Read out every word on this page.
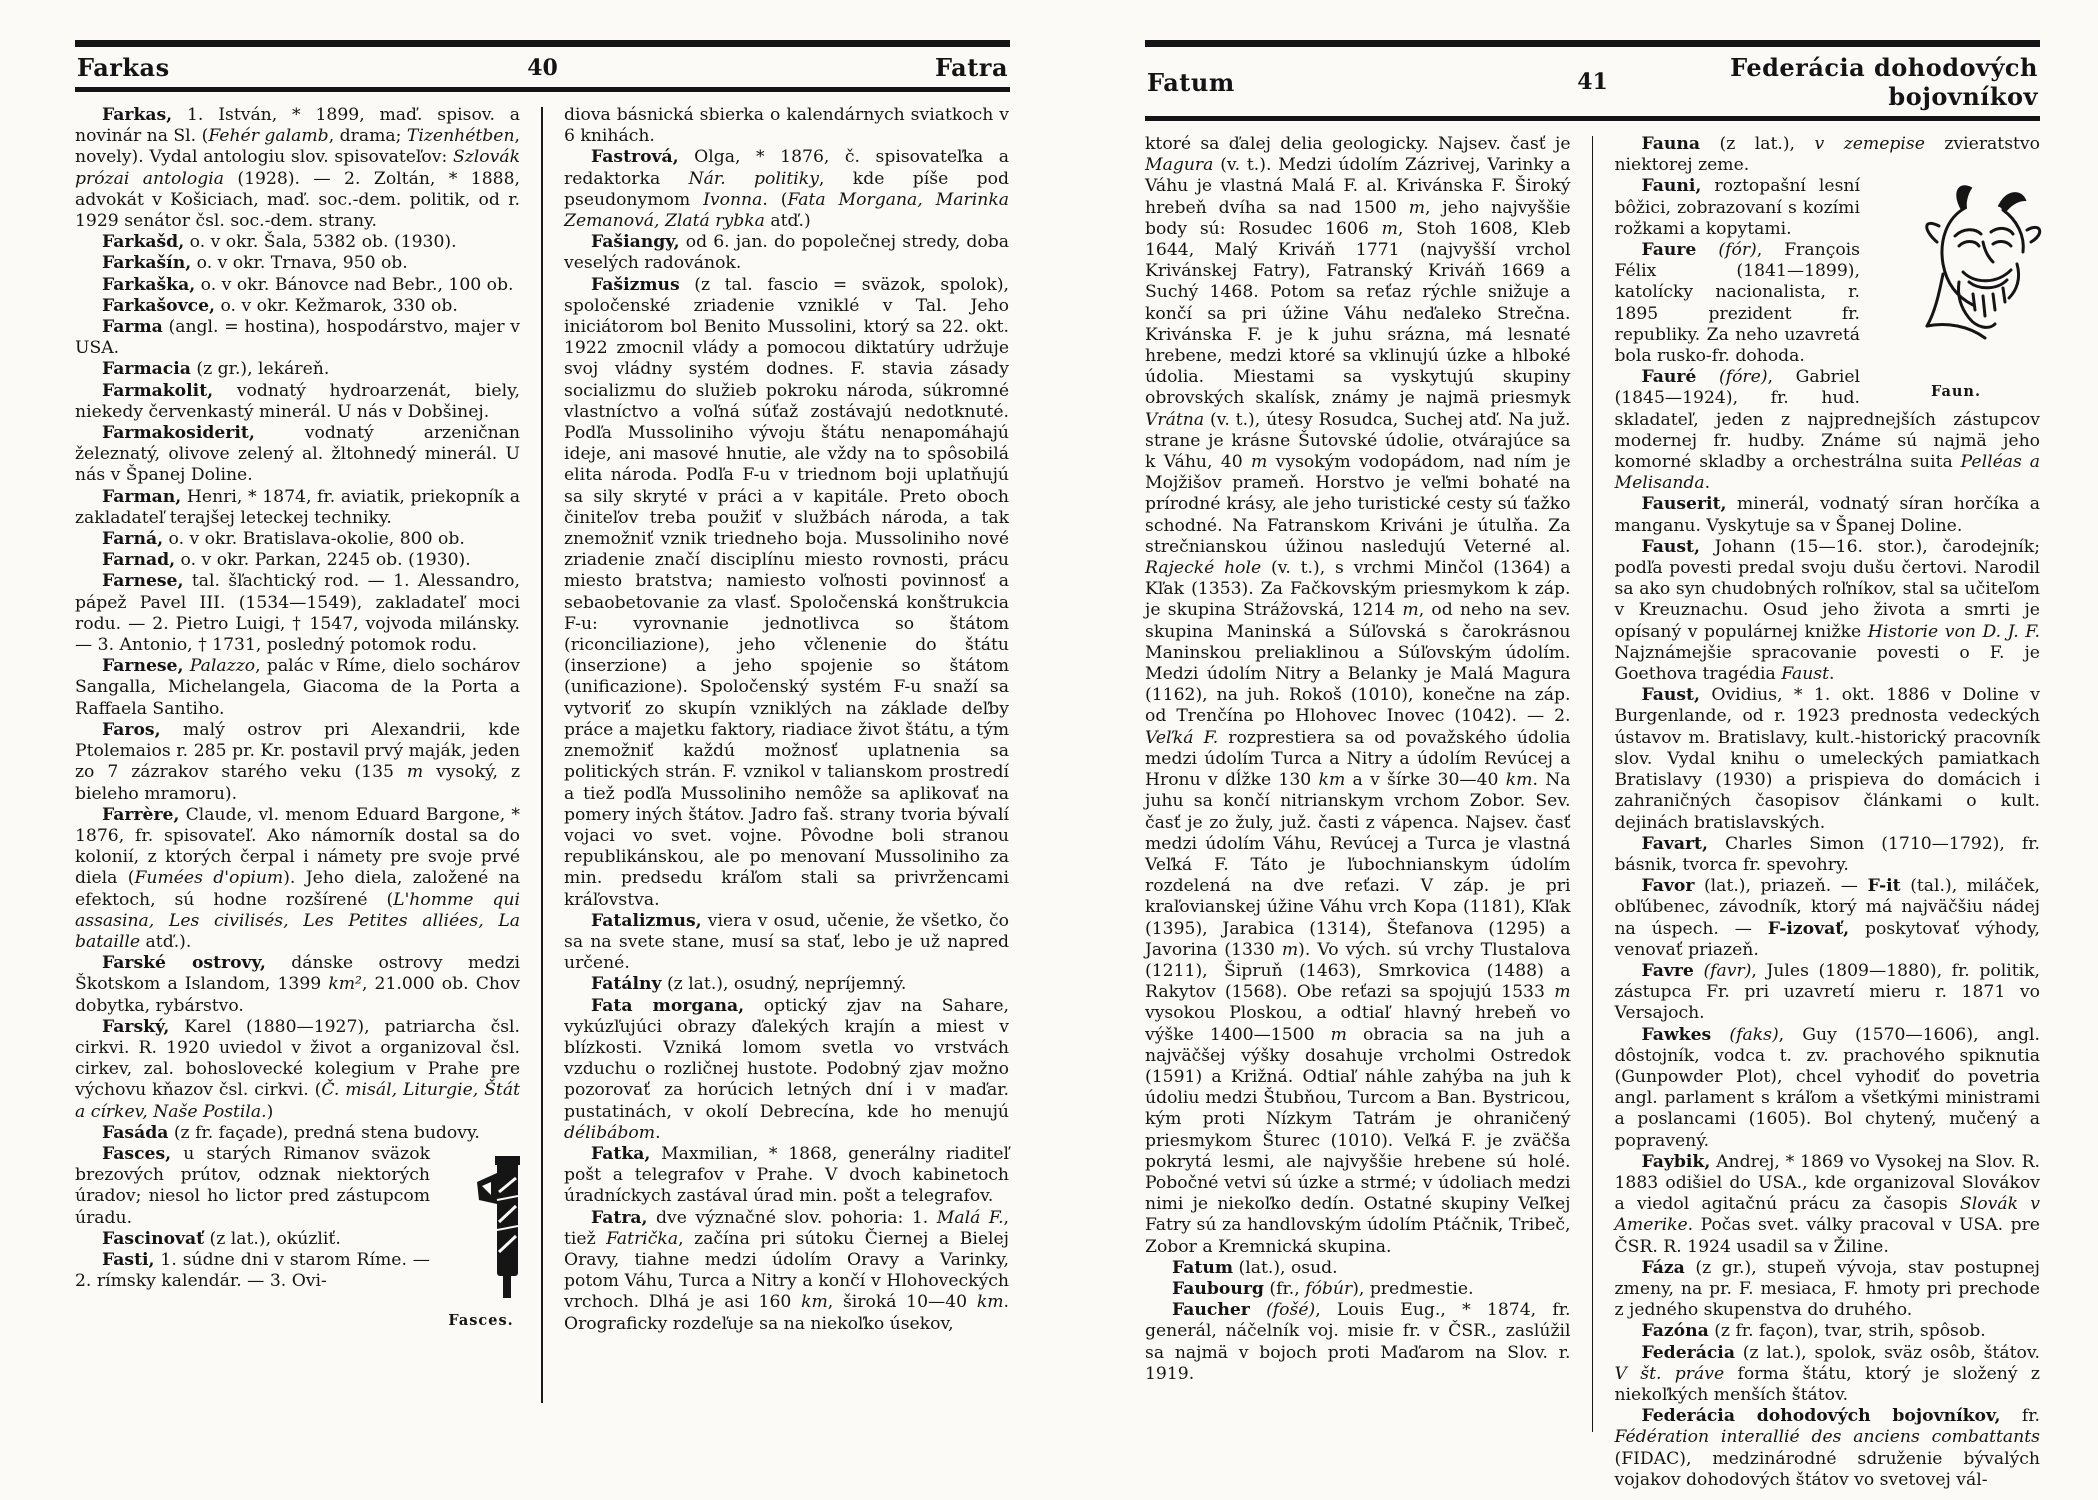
Farkas	40	Fatra

Farkas, 1. István, * 1899, maď. spisov. a novinár na Sl. (Fehér galamb, drama; Tizenhétben, novely). Vydal antologiu slov. spisovateľov: Szlovák prózai antologia (1928). — 2. Zoltán, * 1888, advokát v Košiciach, maď. soc.-dem. politik, od r. 1929 senátor čsl. soc.-dem. strany.

Farkašd, o. v okr. Šala, 5382 ob. (1930).

Farkašín, o. v okr. Trnava, 950 ob.

Farkaška, o. v okr. Bánovce nad Bebr., 100 ob.

Farkašovce, o. v okr. Kežmarok, 330 ob.

Farma (angl. = hostina), hospodárstvo, majer v USA.

Farmacia (z gr.), lekáreň.

Farmakolit, vodnatý hydroarzenát, biely, niekedy červenkastý minerál. U nás v Dobšinej.

Farmakosiderit, vodnatý arzeničnan železnatý, olivove zelený al. žltohnedý minerál. U nás v Španej Doline.

Farman, Henri, * 1874, fr. aviatik, priekopník a zakladateľ terajšej leteckej techniky.

Farná, o. v okr. Bratislava-okolie, 800 ob.

Farnad, o. v okr. Parkan, 2245 ob. (1930).

Farnese, tal. šľachtický rod. — 1. Alessandro, pápež Pavel III. (1534—1549), zakladateľ moci rodu. — 2. Pietro Luigi, † 1547, vojvoda milánsky. — 3. Antonio, † 1731, posledný potomok rodu.

Farnese, Palazzo, palác v Ríme, dielo sochárov Sangalla, Michelangela, Giacoma de la Porta a Raffaela Santiho.

Faros, malý ostrov pri Alexandrii, kde Ptolemaios r. 285 pr. Kr. postavil prvý maják, jeden zo 7 zázrakov starého veku (135 m vysoký, z bieleho mramoru).

Farrère, Claude, vl. menom Eduard Bargone, * 1876, fr. spisovateľ. Ako námorník dostal sa do kolonií, z ktorých čerpal i námety pre svoje prvé diela (Fumées d'opium). Jeho diela, založené na efektoch, sú hodne rozšírené (L'homme qui assasina, Les civilisés, Les Petites alliées, La bataille atď.).

Farské ostrovy, dánske ostrovy medzi Škotskom a Islandom, 1399 km², 21.000 ob. Chov dobytka, rybárstvo.

Farský, Karel (1880—1927), patriarcha čsl. cirkvi. R. 1920 uviedol v život a organizoval čsl. cirkev, zal. bohoslovecké kolegium v Prahe pre výchovu kňazov čsl. cirkvi. (Č. misál, Liturgie, Štát a církev, Naše Postila.)

Fasáda (z fr. façade), predná stena budovy.

Fasces.
Fasces, u starých Rimanov sväzok brezových prútov, odznak niektorých úradov; niesol ho lictor pred zástupcom úradu.

Fascinovať (z lat.), okúzliť.

Fasti, 1. súdne dni v starom Ríme. — 2. rímsky kalendár. — 3. Ovi-

diova básnická sbierka o kalendárnych sviatkoch v 6 knihách.

Fastrová, Olga, * 1876, č. spisovateľka a redaktorka Nár. politiky, kde píše pod pseudonymom Ivonna. (Fata Morgana, Marinka Zemanová, Zlatá rybka atď.)

Fašiangy, od 6. jan. do popolečnej stredy, doba veselých radovánok.

Fašizmus (z tal. fascio = sväzok, spolok), spoločenské zriadenie vzniklé v Tal. Jeho iniciátorom bol Benito Mussolini, ktorý sa 22. okt. 1922 zmocnil vlády a pomocou diktatúry udržuje svoj vládny systém dodnes. F. stavia zásady socializmu do služieb pokroku národa, súkromné vlastníctvo a voľná súťaž zostávajú nedotknuté. Podľa Mussoliniho vývoju štátu nenapomáhajú ideje, ani masové hnutie, ale vždy na to spôsobilá elita národa. Podľa F-u v triednom boji uplatňujú sa sily skryté v práci a v kapitále. Preto oboch činiteľov treba použiť v službách národa, a tak znemožniť vznik triedneho boja. Mussoliniho nové zriadenie značí disciplínu miesto rovnosti, prácu miesto bratstva; namiesto voľnosti povinnosť a sebaobetovanie za vlasť. Spoločenská konštrukcia F-u: vyrovnanie jednotlivca so štátom (riconciliazione), jeho včlenenie do štátu (inserzione) a jeho spojenie so štátom (unificazione). Spoločenský systém F-u snaží sa vytvoriť zo skupín vzniklých na základe deľby práce a majetku faktory, riadiace život štátu, a tým znemožniť každú možnosť uplatnenia sa politických strán. F. vznikol v talianskom prostredí a tiež podľa Mussoliniho nemôže sa aplikovať na pomery iných štátov. Jadro faš. strany tvoria bývalí vojaci vo svet. vojne. Pôvodne boli stranou republikánskou, ale po menovaní Mussoliniho za min. predsedu kráľom stali sa privržencami kráľovstva.

Fatalizmus, viera v osud, učenie, že všetko, čo sa na svete stane, musí sa stať, lebo je už napred určené.

Fatálny (z lat.), osudný, nepríjemný.

Fata morgana, optický zjav na Sahare, vykúzľujúci obrazy ďalekých krajín a miest v blízkosti. Vzniká lomom svetla vo vrstvách vzduchu o rozličnej hustote. Podobný zjav možno pozorovať za horúcich letných dní i v maďar. pustatinách, v okolí Debrecína, kde ho menujú délibábom.

Fatka, Maxmilian, * 1868, generálny riaditeľ pošt a telegrafov v Prahe. V dvoch kabinetoch úradníckych zastával úrad min. pošt a telegrafov.

Fatra, dve význačné slov. pohoria: 1. Malá F., tiež Fatrička, začína pri sútoku Čiernej a Bielej Oravy, tiahne medzi údolím Oravy a Varinky, potom Váhu, Turca a Nitry a končí v Hlohoveckých vrchoch. Dlhá je asi 160 km, široká 10—40 km. Orograficky rozdeľuje sa na niekoľko úsekov,

Fatum	41	Federácia dohodových bojovníkov

ktoré sa ďalej delia geologicky. Najsev. časť je Magura (v. t.). Medzi údolím Zázrivej, Varinky a Váhu je vlastná Malá F. al. Krivánska F. Široký hrebeň dvíha sa nad 1500 m, jeho najvyššie body sú: Rosudec 1606 m, Stoh 1608, Kleb 1644, Malý Kriváň 1771 (najvyšší vrchol Krivánskej Fatry), Fatranský Kriváň 1669 a Suchý 1468. Potom sa reťaz rýchle snižuje a končí sa pri úžine Váhu neďaleko Strečna. Krivánska F. je k juhu srázna, má lesnaté hrebene, medzi ktoré sa vklinujú úzke a hlboké údolia. Miestami sa vyskytujú skupiny obrovských skalísk, známy je najmä priesmyk Vrátna (v. t.), útesy Rosudca, Suchej atď. Na juž. strane je krásne Šutovské údolie, otvárajúce sa k Váhu, 40 m vysokým vodopádom, nad ním je Mojžišov prameň. Horstvo je veľmi bohaté na prírodné krásy, ale jeho turistické cesty sú ťažko schodné. Na Fatranskom Kriváni je útulňa. Za strečnianskou úžinou nasledujú Veterné al. Rajecké hole (v. t.), s vrchmi Minčol (1364) a Kľak (1353). Za Fačkovským priesmykom k záp. je skupina Strážovská, 1214 m, od neho na sev. skupina Maninská a Súľovská s čarokrásnou Maninskou preliaklinou a Súľovským údolím. Medzi údolím Nitry a Belanky je Malá Magura (1162), na juh. Rokoš (1010), konečne na záp. od Trenčína po Hlohovec Inovec (1042). — 2. Veľká F. rozprestiera sa od považského údolia medzi údolím Turca a Nitry a údolím Revúcej a Hronu v dĺžke 130 km a v šírke 30—40 km. Na juhu sa končí nitrianskym vrchom Zobor. Sev. časť je zo žuly, juž. časti z vápenca. Najsev. časť medzi údolím Váhu, Revúcej a Turca je vlastná Veľká F. Táto je ľubochnianskym údolím rozdelená na dve reťazi. V záp. je pri kraľovianskej úžine Váhu vrch Kopa (1181), Kľak (1395), Jarabica (1314), Štefanova (1295) a Javorina (1330 m). Vo vých. sú vrchy Tlustalova (1211), Šipruň (1463), Smrkovica (1488) a Rakytov (1568). Obe reťazi sa spojujú 1533 m vysokou Ploskou, a odtiaľ hlavný hrebeň vo výške 1400—1500 m obracia sa na juh a najväčšej výšky dosahuje vrcholmi Ostredok (1591) a Križná. Odtiaľ náhle zahýba na juh k údoliu medzi Štubňou, Turcom a Ban. Bystricou, kým proti Nízkym Tatrám je ohraničený priesmykom Šturec (1010). Veľká F. je zväčša pokrytá lesmi, ale najvyššie hrebene sú holé. Pobočné vetvi sú úzke a strmé; v údoliach medzi nimi je niekoľko dedín. Ostatné skupiny Veľkej Fatry sú za handlovským údolím Ptáčnik, Tribeč, Zobor a Kremnická skupina.

Fatum (lat.), osud.

Faubourg (fr., fóbúr), predmestie.

Faucher (fošé), Louis Eug., * 1874, fr. generál, náčelník voj. misie fr. v ČSR., zaslúžil sa najmä v bojoch proti Maďarom na Slov. r. 1919.

Fauna (z lat.), v zemepise zvieratstvo niektorej zeme.

Faun.
Fauni, roztopašní lesní bôžici, zobrazovaní s kozími rožkami a kopytami.

Faure (fór), François Félix (1841—1899), katolícky nacionalista, r. 1895 prezident fr. republiky. Za neho uzavretá bola rusko-fr. dohoda.

Fauré (fóre), Gabriel (1845—1924), fr. hud. skladateľ, jeden z najprednejších zástupcov modernej fr. hudby. Známe sú najmä jeho komorné skladby a orchestrálna suita Pelléas a Melisanda.

Fauserit, minerál, vodnatý síran horčíka a manganu. Vyskytuje sa v Španej Doline.

Faust, Johann (15—16. stor.), čarodejník; podľa povesti predal svoju dušu čertovi. Narodil sa ako syn chudobných roľníkov, stal sa učiteľom v Kreuznachu. Osud jeho života a smrti je opísaný v populárnej knižke Historie von D. J. F. Najznámejšie spracovanie povesti o F. je Goethova tragédia Faust.

Faust, Ovidius, * 1. okt. 1886 v Doline v Burgenlande, od r. 1923 prednosta vedeckých ústavov m. Bratislavy, kult.-historický pracovník slov. Vydal knihu o umeleckých pamiatkach Bratislavy (1930) a prispieva do domácich i zahraničných časopisov článkami o kult. dejinách bratislavských.

Favart, Charles Simon (1710—1792), fr. básnik, tvorca fr. spevohry.

Favor (lat.), priazeň. — F-it (tal.), miláček, obľúbenec, závodník, ktorý má najväčšiu nádej na úspech. — F-izovať, poskytovať výhody, venovať priazeň.

Favre (favr), Jules (1809—1880), fr. politik, zástupca Fr. pri uzavretí mieru r. 1871 vo Versajoch.

Fawkes (faks), Guy (1570—1606), angl. dôstojník, vodca t. zv. prachového spiknutia (Gunpowder Plot), chcel vyhodiť do povetria angl. parlament s kráľom a všetkými ministrami a poslancami (1605). Bol chytený, mučený a popravený.

Faybik, Andrej, * 1869 vo Vysokej na Slov. R. 1883 odišiel do USA., kde organizoval Slovákov a viedol agitačnú prácu za časopis Slovák v Amerike. Počas svet. války pracoval v USA. pre ČSR. R. 1924 usadil sa v Žiline.

Fáza (z gr.), stupeň vývoja, stav postupnej zmeny, na pr. F. mesiaca, F. hmoty pri prechode z jedného skupenstva do druhého.

Fazóna (z fr. façon), tvar, strih, spôsob.

Federácia (z lat.), spolok, sväz osôb, štátov. V št. práve forma štátu, ktorý je složený z niekoľkých menších štátov.

Federácia dohodových bojovníkov, fr. Fédération interallié des anciens combattants (FIDAC), medzinárodné sdruženie bývalých vojakov dohodových štátov vo svetovej vál-
